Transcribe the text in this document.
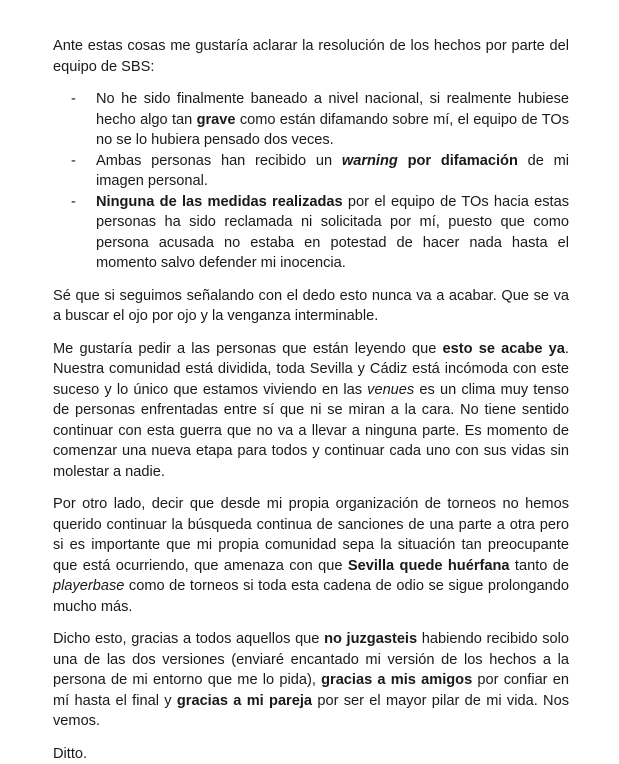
Ante estas cosas me gustaría aclarar la resolución de los hechos por parte del equipo de SBS:

- No he sido finalmente baneado a nivel nacional, si realmente hubiese hecho algo tan grave como están difamando sobre mí, el equipo de TOs no se lo hubiera pensado dos veces.
- Ambas personas han recibido un warning por difamación de mi imagen personal.
- Ninguna de las medidas realizadas por el equipo de TOs hacia estas personas ha sido reclamada ni solicitada por mí, puesto que como persona acusada no estaba en potestad de hacer nada hasta el momento salvo defender mi inocencia.

Sé que si seguimos señalando con el dedo esto nunca va a acabar. Que se va a buscar el ojo por ojo y la venganza interminable.

Me gustaría pedir a las personas que están leyendo que esto se acabe ya. Nuestra comunidad está dividida, toda Sevilla y Cádiz está incómoda con este suceso y lo único que estamos viviendo en las venues es un clima muy tenso de personas enfrentadas entre sí que ni se miran a la cara. No tiene sentido continuar con esta guerra que no va a llevar a ninguna parte. Es momento de comenzar una nueva etapa para todos y continuar cada uno con sus vidas sin molestar a nadie.

Por otro lado, decir que desde mi propia organización de torneos no hemos querido continuar la búsqueda continua de sanciones de una parte a otra pero si es importante que mi propia comunidad sepa la situación tan preocupante que está ocurriendo, que amenaza con que Sevilla quede huérfana tanto de playerbase como de torneos si toda esta cadena de odio se sigue prolongando mucho más.

Dicho esto, gracias a todos aquellos que no juzgasteis habiendo recibido solo una de las dos versiones (enviaré encantado mi versión de los hechos a la persona de mi entorno que me lo pida), gracias a mis amigos por confiar en mí hasta el final y gracias a mi pareja por ser el mayor pilar de mi vida. Nos vemos.

Ditto.
